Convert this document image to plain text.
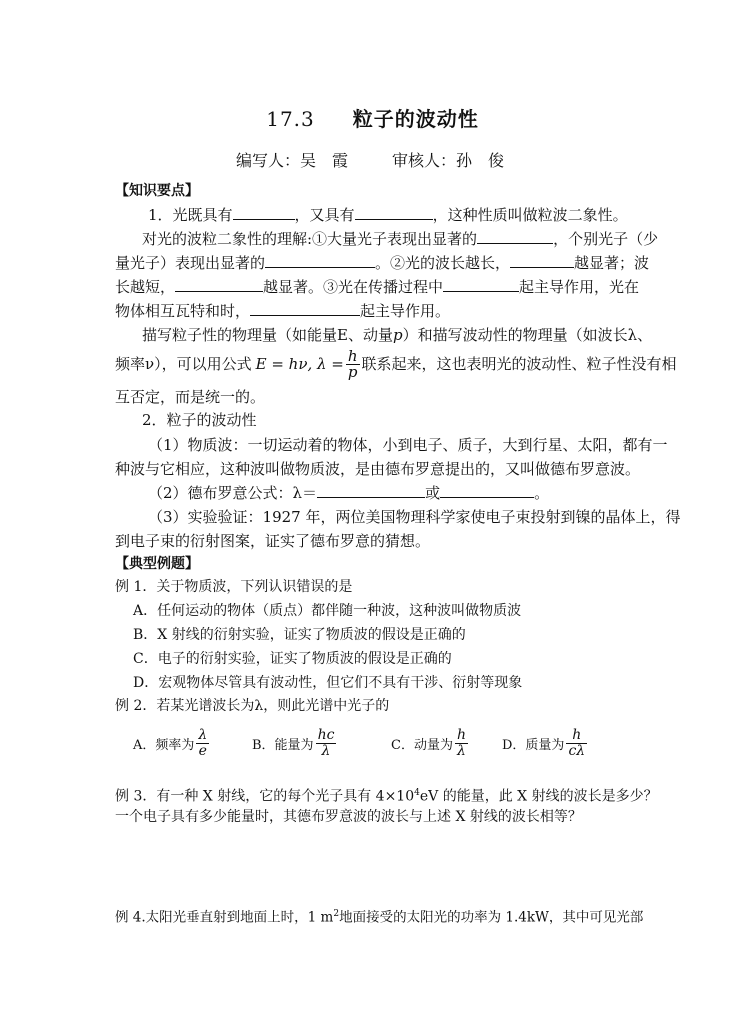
17.3 粒子的波动性
编写人：吴　霞	审核人：孙　俊
【知识要点】
1．光既具有	，又具有	，这种性质叫做粒波二象性。
对光的波粒二象性的理解:①大量光子表现出显著的	，个别光子（少
量光子）表现出显著的	。②光的波长越长，	越显著；波
长越短，	越显著。③光在传播过程中	起主导作用，光在
物体相互瓦特和时，	起主导作用。
描写粒子性的物理量（如能量E、动量p）和描写波动性的物理量（如波长λ、
频率ν），可以用公式 E = hν, $\lambda = \frac{h}{p}$ 联系起来，这也表明光的波动性、粒子性没有相
互否定，而是统一的。
2．粒子的波动性
（1）物质波：一切运动着的物体，小到电子、质子，大到行星、太阳，都有一
种波与它相应，这种波叫做物质波，是由德布罗意提出的，又叫做德布罗意波。
（2）德布罗意公式：λ＝	或	。
（3）实验验证：1927 年，两位美国物理科学家使电子束投射到镍的晶体上，得
到电子束的衍射图案，证实了德布罗意的猜想。
【典型例题】
例 1．关于物质波，下列认识错误的是
A．任何运动的物体（质点）都伴随一种波，这种波叫做物质波
B．X 射线的衍射实验，证实了物质波的假设是正确的
C．电子的衍射实验，证实了物质波的假设是正确的
D．宏观物体尽管具有波动性，但它们不具有干涉、衍射等现象
例 2．若某光谱波长为λ，则此光谱中光子的
A．频率为 $\frac{\lambda}{e}$	B．能量为 $\frac{hc}{\lambda}$	C．动量为 $\frac{h}{\lambda}$	D．质量为 $\frac{h}{c\lambda}$
例 3．有一种 X 射线，它的每个光子具有 $4\times 10^4eV$ 的能量，此 X 射线的波长是多少？
一个电子具有多少能量时，其德布罗意波的波长与上述 X 射线的波长相等？
例 4.太阳光垂直射到地面上时，1 $m^2$地面接受的太阳光的功率为 1.4kW，其中可见光部
